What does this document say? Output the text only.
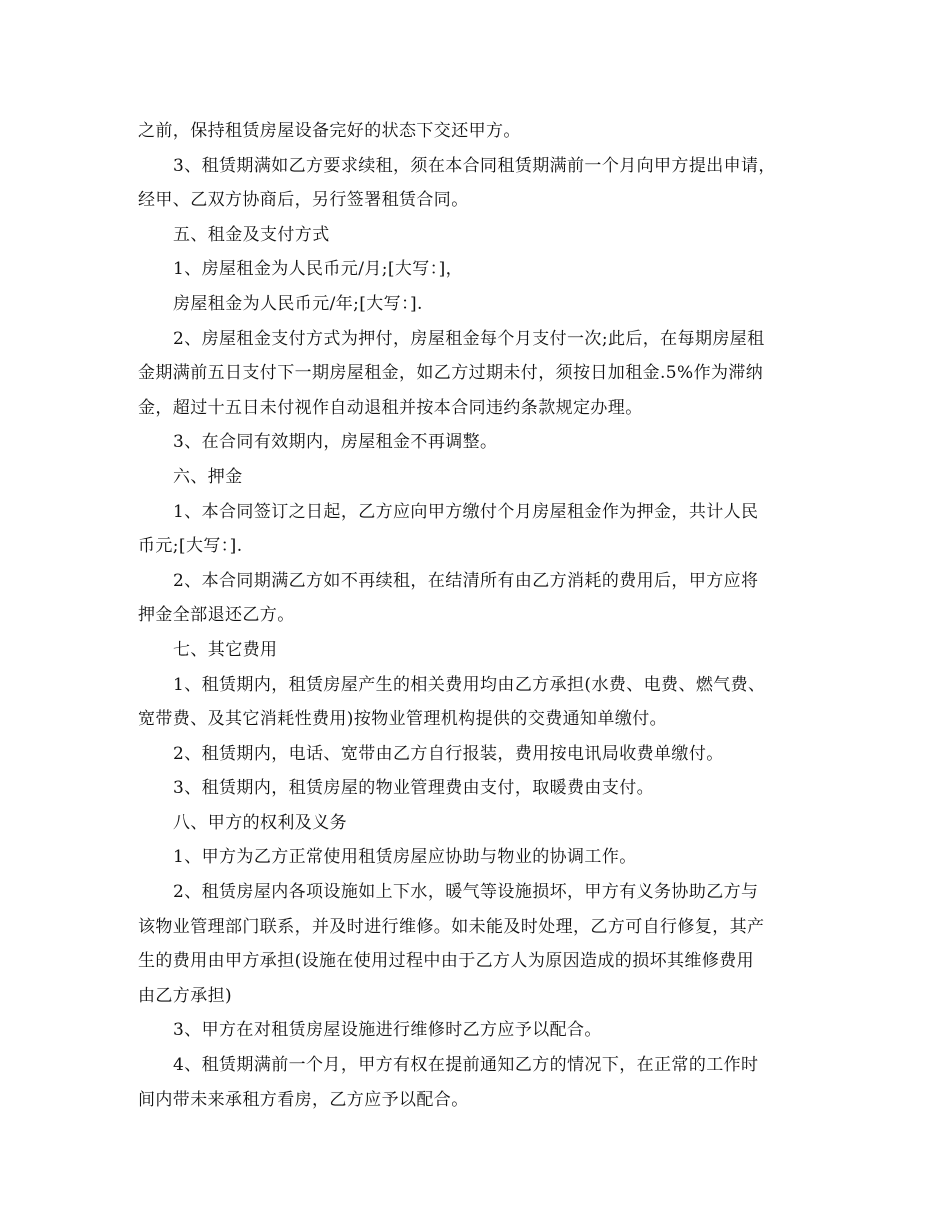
之前，保持租赁房屋设备完好的状态下交还甲方。
3、租赁期满如乙方要求续租，须在本合同租赁期满前一个月向甲方提出申请，
经甲、乙双方协商后，另行签署租赁合同。
五、租金及支付方式
1、房屋租金为人民币元/月;[大写：]，
房屋租金为人民币元/年;[大写：].
2、房屋租金支付方式为押付，房屋租金每个月支付一次;此后，在每期房屋租
金期满前五日支付下一期房屋租金，如乙方过期未付，须按日加租金.5%作为滞纳
金，超过十五日未付视作自动退租并按本合同违约条款规定办理。
3、在合同有效期内，房屋租金不再调整。
六、押金
1、本合同签订之日起，乙方应向甲方缴付个月房屋租金作为押金，共计人民
币元;[大写：].
2、本合同期满乙方如不再续租，在结清所有由乙方消耗的费用后，甲方应将
押金全部退还乙方。
七、其它费用
1、租赁期内，租赁房屋产生的相关费用均由乙方承担(水费、电费、燃气费、
宽带费、及其它消耗性费用)按物业管理机构提供的交费通知单缴付。
2、租赁期内，电话、宽带由乙方自行报装，费用按电讯局收费单缴付。
3、租赁期内，租赁房屋的物业管理费由支付，取暖费由支付。
八、甲方的权利及义务
1、甲方为乙方正常使用租赁房屋应协助与物业的协调工作。
2、租赁房屋内各项设施如上下水，暖气等设施损坏，甲方有义务协助乙方与
该物业管理部门联系，并及时进行维修。如未能及时处理，乙方可自行修复，其产
生的费用由甲方承担(设施在使用过程中由于乙方人为原因造成的损坏其维修费用
由乙方承担)
3、甲方在对租赁房屋设施进行维修时乙方应予以配合。
4、租赁期满前一个月，甲方有权在提前通知乙方的情况下，在正常的工作时
间内带未来承租方看房，乙方应予以配合。
